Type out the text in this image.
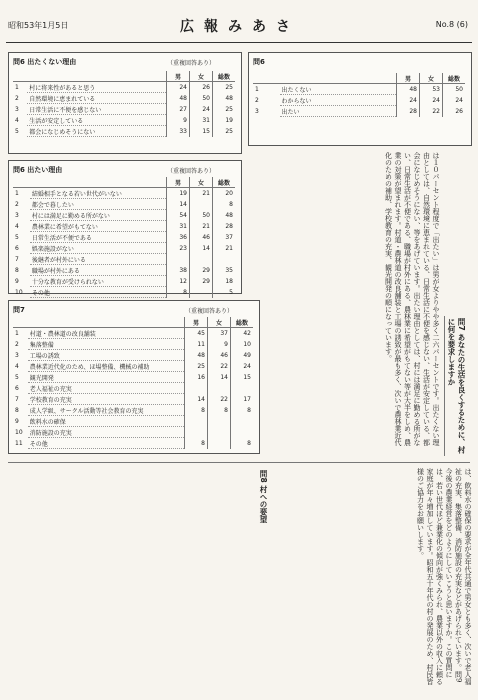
昭和53年1月5日	広報みあさ	No.8 (6)
問6 出たくない理由	（重複回答あり）
		男	女	総数
1	村に将来性があると思う	24	26	25
2	自然環境に恵まれている	48	50	48
3	日常生活に不便を感じない	27	24	25
4	生活が安定している	9	31	19
5	都会になじめそうにない	33	15	25
問6
		男	女	総数
1	出たくない	48	53	50
2	わからない	24	24	24
3	出たい	28	22	26
問6 出たい理由	（重複回答あり）
		男	女	総数
1	結婚相手となる若い世代がいない	19	21	20
2	都会で暮したい	14		8
3	村には満足に勤める所がない	54	50	48
4	農林業に希望がもてない	31	21	28
5	日常生活が不便である	36	46	37
6	娯楽施設がない	23	14	21
7	後継者が村外にいる			
8	職場が村外にある	38	29	35
9	十分な教育が受けられない	12	29	18
10	その他	8		5
問7	（重複回答あり）
		男	女	総数
1	村道・農林道の改良舗装	45	37	42
2	集落整備	11	9	10
3	工場の誘致	48	46	49
4	農林業近代化のため、ほ場整備、機械の補助	25	22	24
5	観光開発	16	14	15
6	老人福祉の充実			
7	学校教育の充実	14	22	17
8	成人学級、サークル活動等社会教育の充実	8	8	8
9	飲料水の確保			
10	消防施設の充実			
11	その他	8		8	問7 あなたの生活を良くするために、村に何を要求しますか
は１０パーセント程度で「出たい」は男が女よりやや多く二六パーセントです。出たくない理由としては、自然環境に恵まれている、日常生活に不便を感じない、生活が安定している、都会になじめそうにない、等をあげています。出たい理由としては、村には満足に勤める所がない、日常生活が不便である、職場が村外にある、農林業に希望がもてない等が大半をしめ、農業の対策が望まれます。村道・農林道の改良舗装と工場の誘致が最も多く、次いで農林業近代化のための補助、学校教育の充実、観光開発の順になっています。
問8 村への要望	は、飲料水の確保の要求が全年代共通で男女とも多く、次いで老人福祉の充実、集落整備、消防施設の充実などがあげられています。問9 今後の農業経営をどのようにしていこうと思いますか。この質問には、若い世代ほど兼業化の傾向が強くみられ、農業以外の収入に頼る家庭が年々増加しています。昭和五十年代の村の発展のため、村民皆様のご協力をお願いします。
